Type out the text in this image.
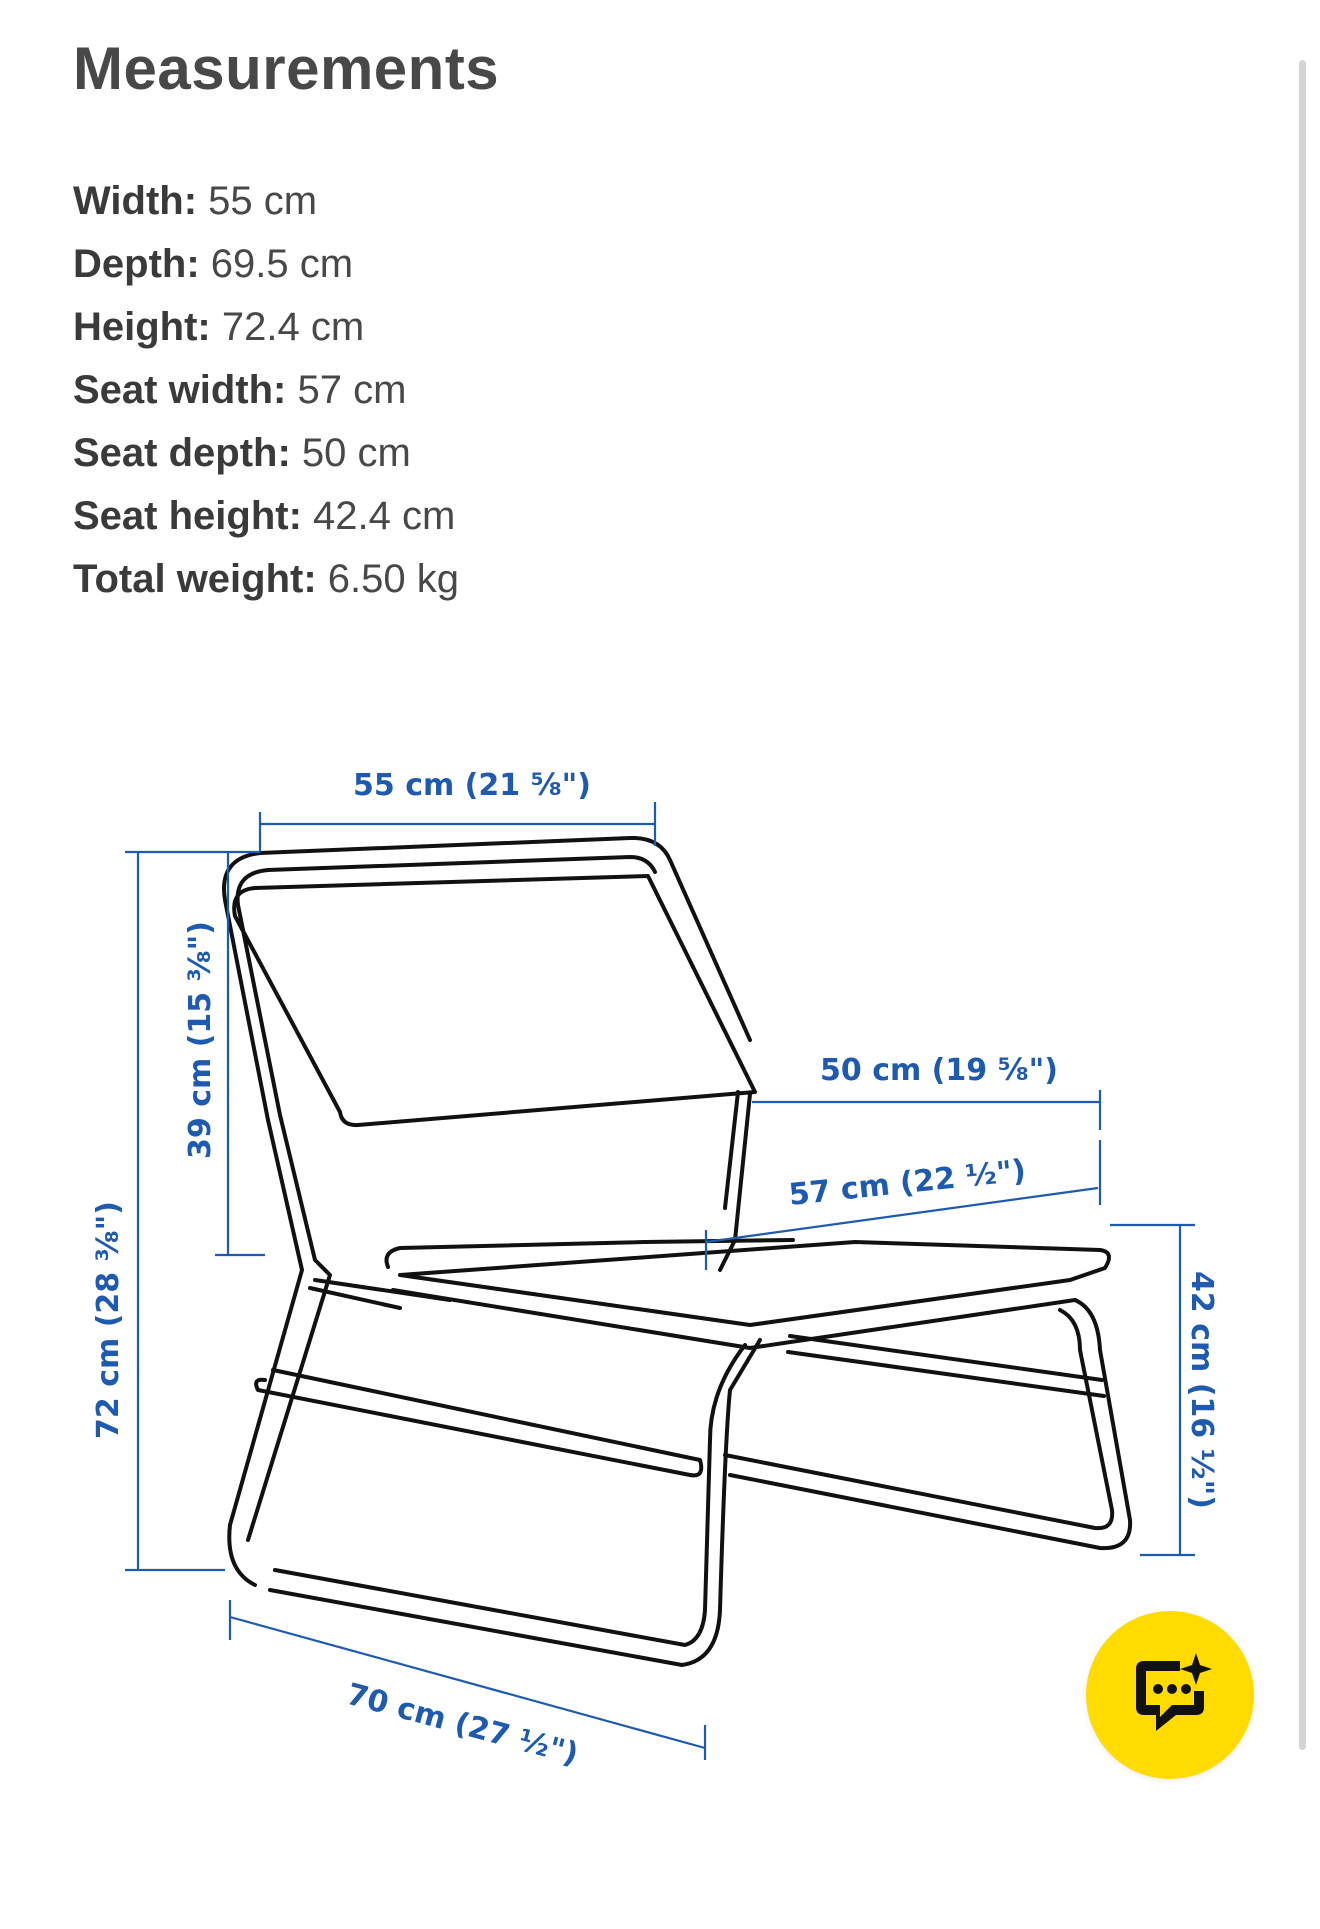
Measurements
Width: 55 cm
Depth: 69.5 cm
Height: 72.4 cm
Seat width: 57 cm
Seat depth: 50 cm
Seat height: 42.4 cm
Total weight: 6.50 kg
55 cm (21 ⅝")
72 cm (28 ⅜")
39 cm (15 ⅜")	50 cm (19 ⅝")
57 cm (22 ½")
42 cm (16 ½")
70 cm (27 ½")
